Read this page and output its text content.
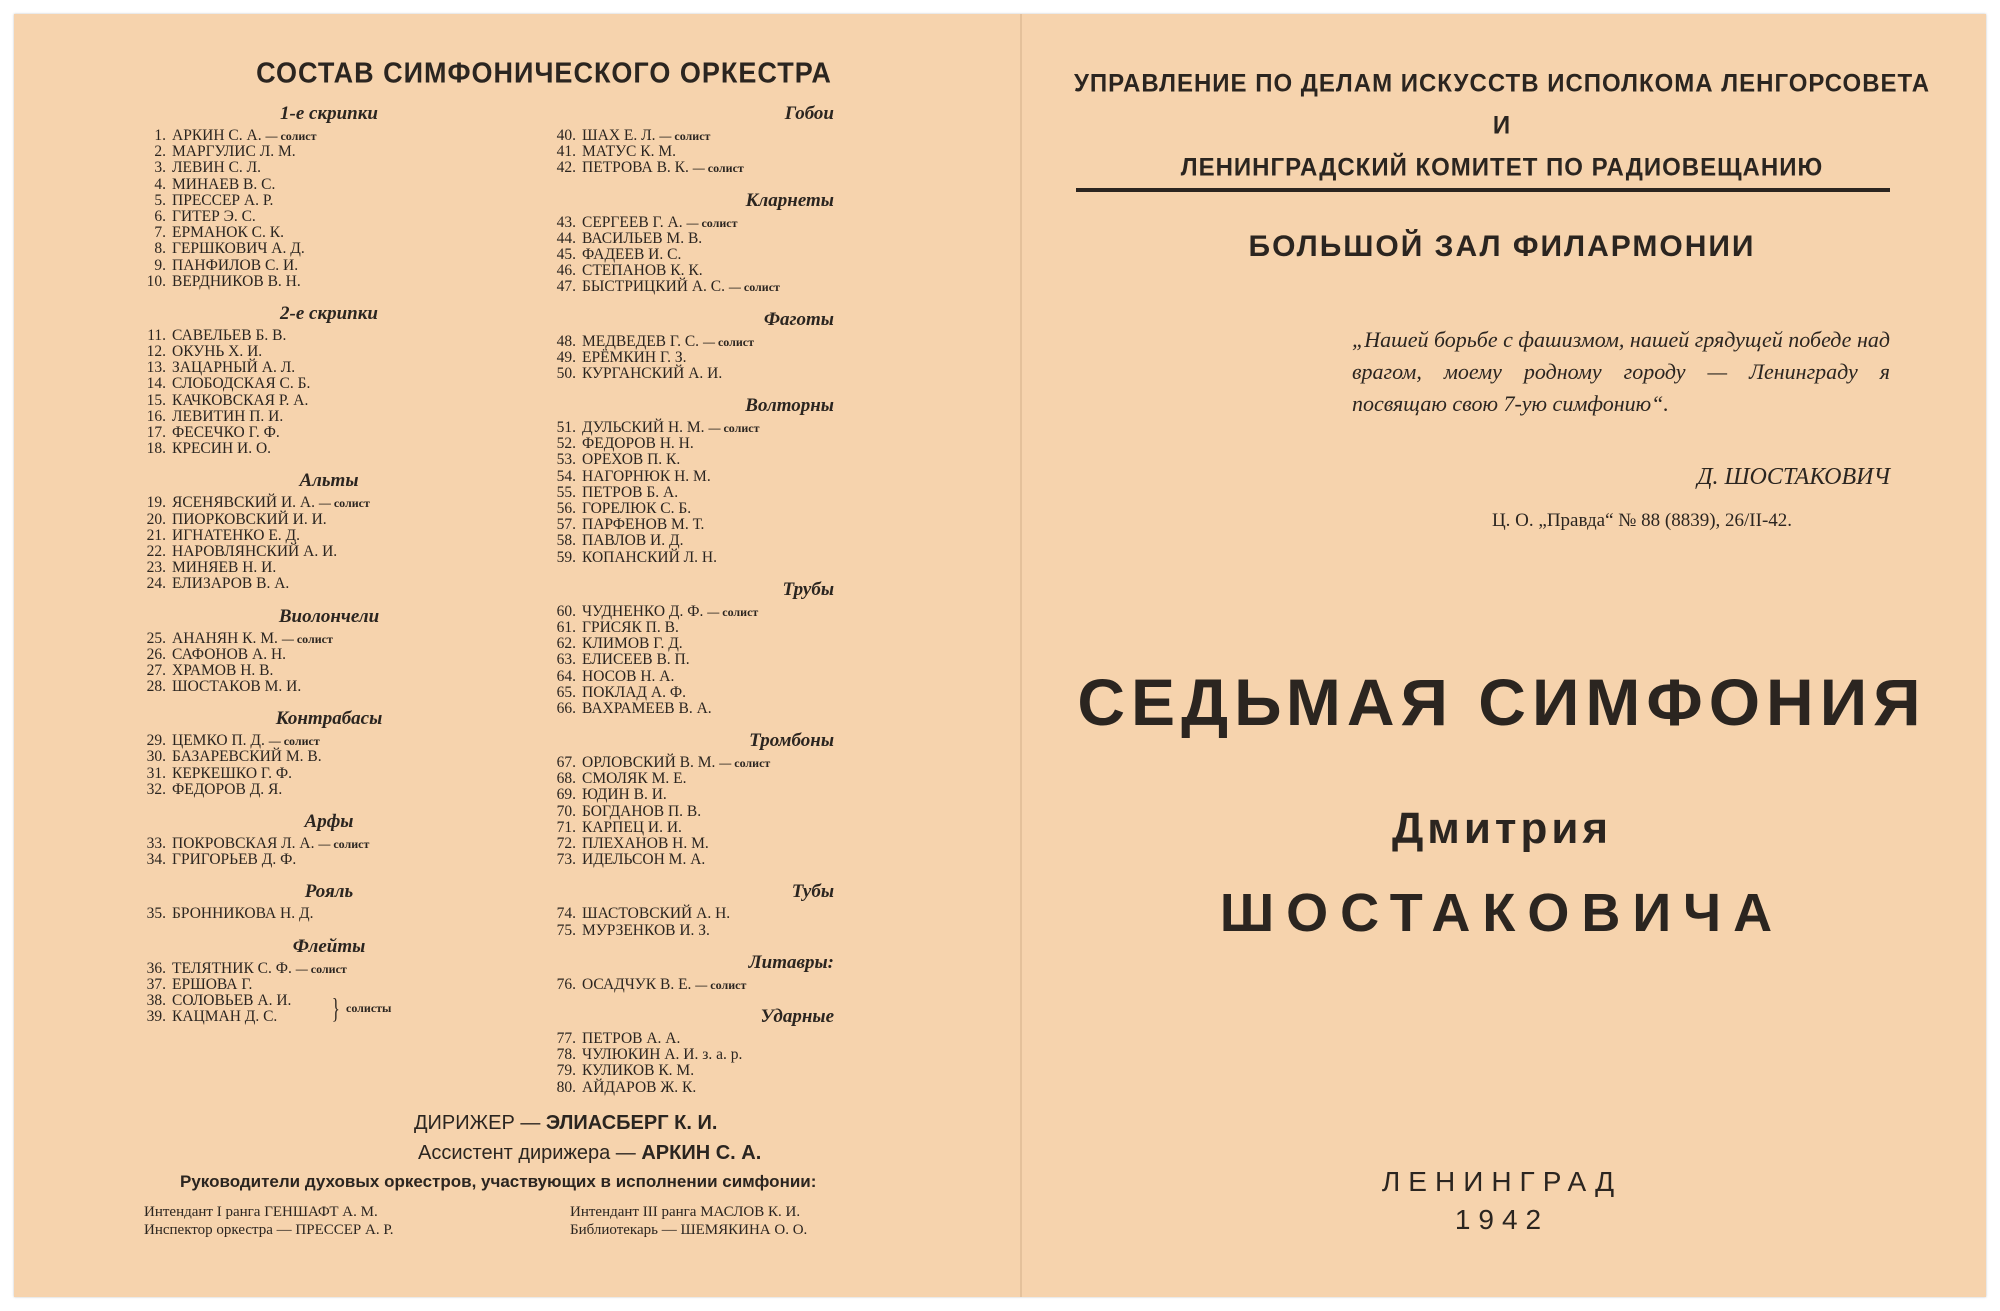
СОСТАВ СИМФОНИЧЕСКОГО ОРКЕСТРА
1-е скрипки
1. АРКИН С. А. — солист
2. МАРГУЛИС Л. М.
3. ЛЕВИН С. Л.
4. МИНАЕВ В. С.
5. ПРЕССЕР А. Р.
6. ГИТЕР Э. С.
7. ЕРМАНОК С. К.
8. ГЕРШКОВИЧ А. Д.
9. ПАНФИЛОВ С. И.
10. ВЕРДНИКОВ В. Н.
2-е скрипки
11. САВЕЛЬЕВ Б. В.
12. ОКУНЬ Х. И.
13. ЗАЦАРНЫЙ А. Л.
14. СЛОБОДСКАЯ С. Б.
15. КАЧКОВСКАЯ Р. А.
16. ЛЕВИТИН П. И.
17. ФЕСЕЧКО Г. Ф.
18. КРЕСИН И. О.
Альты
19. ЯСЕНЯВСКИЙ И. А. — солист
20. ПИОРКОВСКИЙ И. И.
21. ИГНАТЕНКО Е. Д.
22. НАРОВЛЯНСКИЙ А. И.
23. МИНЯЕВ Н. И.
24. ЕЛИЗАРОВ В. А.
Виолончели
25. АНАНЯН К. М. — солист
26. САФОНОВ А. Н.
27. ХРАМОВ Н. В.
28. ШОСТАКОВ М. И.
Контрабасы
29. ЦЕМКО П. Д. — солист
30. БАЗАРЕВСКИЙ М. В.
31. КЕРКЕШКО Г. Ф.
32. ФЕДОРОВ Д. Я.
Арфы
33. ПОКРОВСКАЯ Л. А. — солист
34. ГРИГОРЬЕВ Д. Ф.
Рояль
35. БРОННИКОВА Н. Д.
Флейты
36. ТЕЛЯТНИК С. Ф. — солист
37. ЕРШОВА Г.
38. СОЛОВЬЕВ А. И.
39. КАЦМАН Д. С.	} солисты
Гобои
40. ШАХ Е. Л. — солист
41. МАТУС К. М.
42. ПЕТРОВА В. К. — солист
Кларнеты
43. СЕРГЕЕВ Г. А. — солист
44. ВАСИЛЬЕВ М. В.
45. ФАДЕЕВ И. С.
46. СТЕПАНОВ К. К.
47. БЫСТРИЦКИЙ А. С. — солист
Фаготы
48. МЕДВЕДЕВ Г. С. — солист
49. ЕРЁМКИН Г. З.
50. КУРГАНСКИЙ А. И.
Волторны
51. ДУЛЬСКИЙ Н. М. — солист
52. ФЕДОРОВ Н. Н.
53. ОРЕХОВ П. К.
54. НАГОРНЮК Н. М.
55. ПЕТРОВ Б. А.
56. ГОРЕЛЮК С. Б.
57. ПАРФЕНОВ М. Т.
58. ПАВЛОВ И. Д.
59. КОПАНСКИЙ Л. Н.
Трубы
60. ЧУДНЕНКО Д. Ф. — солист
61. ГРИСЯК П. В.
62. КЛИМОВ Г. Д.
63. ЕЛИСЕЕВ В. П.
64. НОСОВ Н. А.
65. ПОКЛАД А. Ф.
66. ВАХРАМЕЕВ В. А.
Тромбоны
67. ОРЛОВСКИЙ В. М. — солист
68. СМОЛЯК М. Е.
69. ЮДИН В. И.
70. БОГДАНОВ П. В.
71. КАРПЕЦ И. И.
72. ПЛЕХАНОВ Н. М.
73. ИДЕЛЬСОН М. А.
Тубы
74. ШАСТОВСКИЙ А. Н.
75. МУРЗЕНКОВ И. З.
Литавры:
76. ОСАДЧУК В. Е. — солист
Ударные
77. ПЕТРОВ А. А.
78. ЧУЛЮКИН А. И. з. а. р.
79. КУЛИКОВ К. М.
80. АЙДАРОВ Ж. К.
ДИРИЖЕР — ЭЛИАСБЕРГ К. И.
Ассистент дирижера — АРКИН С. А.
Руководители духовых оркестров, участвующих в исполнении симфонии:
Интендант I ранга ГЕНШАФТ А. М.
Инспектор оркестра — ПРЕССЕР А. Р.
Интендант III ранга МАСЛОВ К. И.
Библиотекарь — ШЕМЯКИНА О. О.
УПРАВЛЕНИЕ ПО ДЕЛАМ ИСКУССТВ ИСПОЛКОМА ЛЕНГОРСОВЕТА
И
ЛЕНИНГРАДСКИЙ КОМИТЕТ ПО РАДИОВЕЩАНИЮ
БОЛЬШОЙ ЗАЛ ФИЛАРМОНИИ
„Нашей борьбе с фашизмом, нашей грядущей победе над врагом, моему родному городу — Ленинграду я посвящаю свою 7-ую симфонию“.
Д. ШОСТАКОВИЧ
Ц. О. „Правда“ № 88 (8839), 26/II-42.
СЕДЬМАЯ СИМФОНИЯ
Дмитрия
ШОСТАКОВИЧА
ЛЕНИНГРАД
1942
